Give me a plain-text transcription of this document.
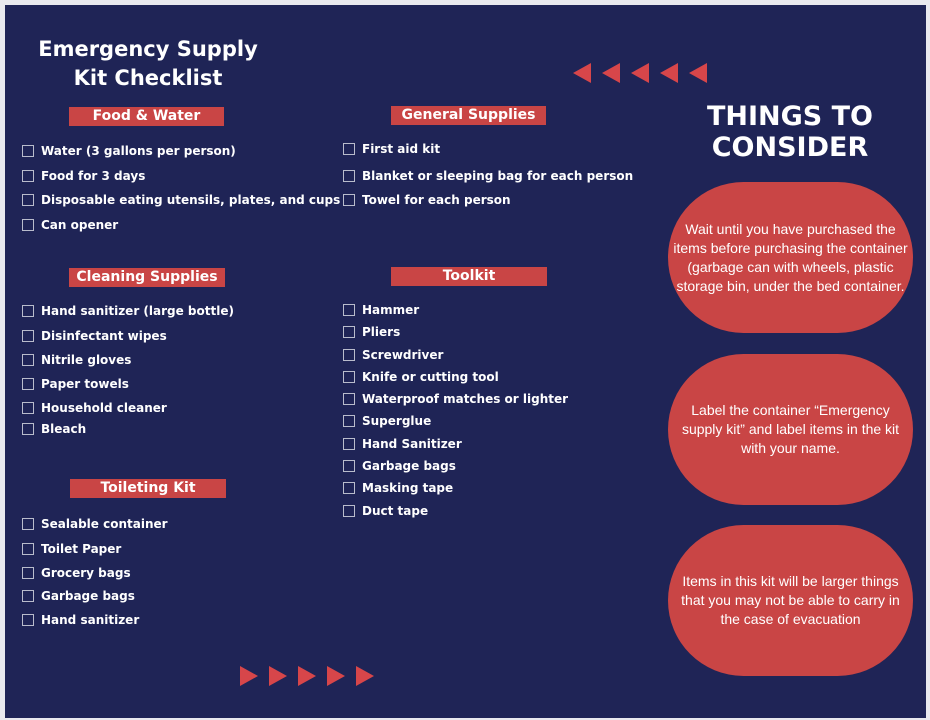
Emergency Supply Kit Checklist
Food & Water
Water (3 gallons per person)
Food for 3 days
Disposable eating utensils, plates, and cups
Can opener
Cleaning Supplies
Hand sanitizer (large bottle)
Disinfectant wipes
Nitrile gloves
Paper towels
Household cleaner
Bleach
Toileting Kit
Sealable container
Toilet Paper
Grocery bags
Garbage bags
Hand sanitizer
General Supplies
First aid kit
Blanket or sleeping bag for each person
Towel for each person
Toolkit
Hammer
Pliers
Screwdriver
Knife or cutting tool
Waterproof matches or lighter
Superglue
Hand Sanitizer
Garbage bags
Masking tape
Duct tape
THINGS TO CONSIDER
Wait until you have purchased the items before purchasing the container (garbage can with wheels, plastic storage bin, under the bed container.
Label the container “Emergency supply kit” and label items in the kit with your name.
Items in this kit will be larger things that you may not be able to carry in the case of evacuation
